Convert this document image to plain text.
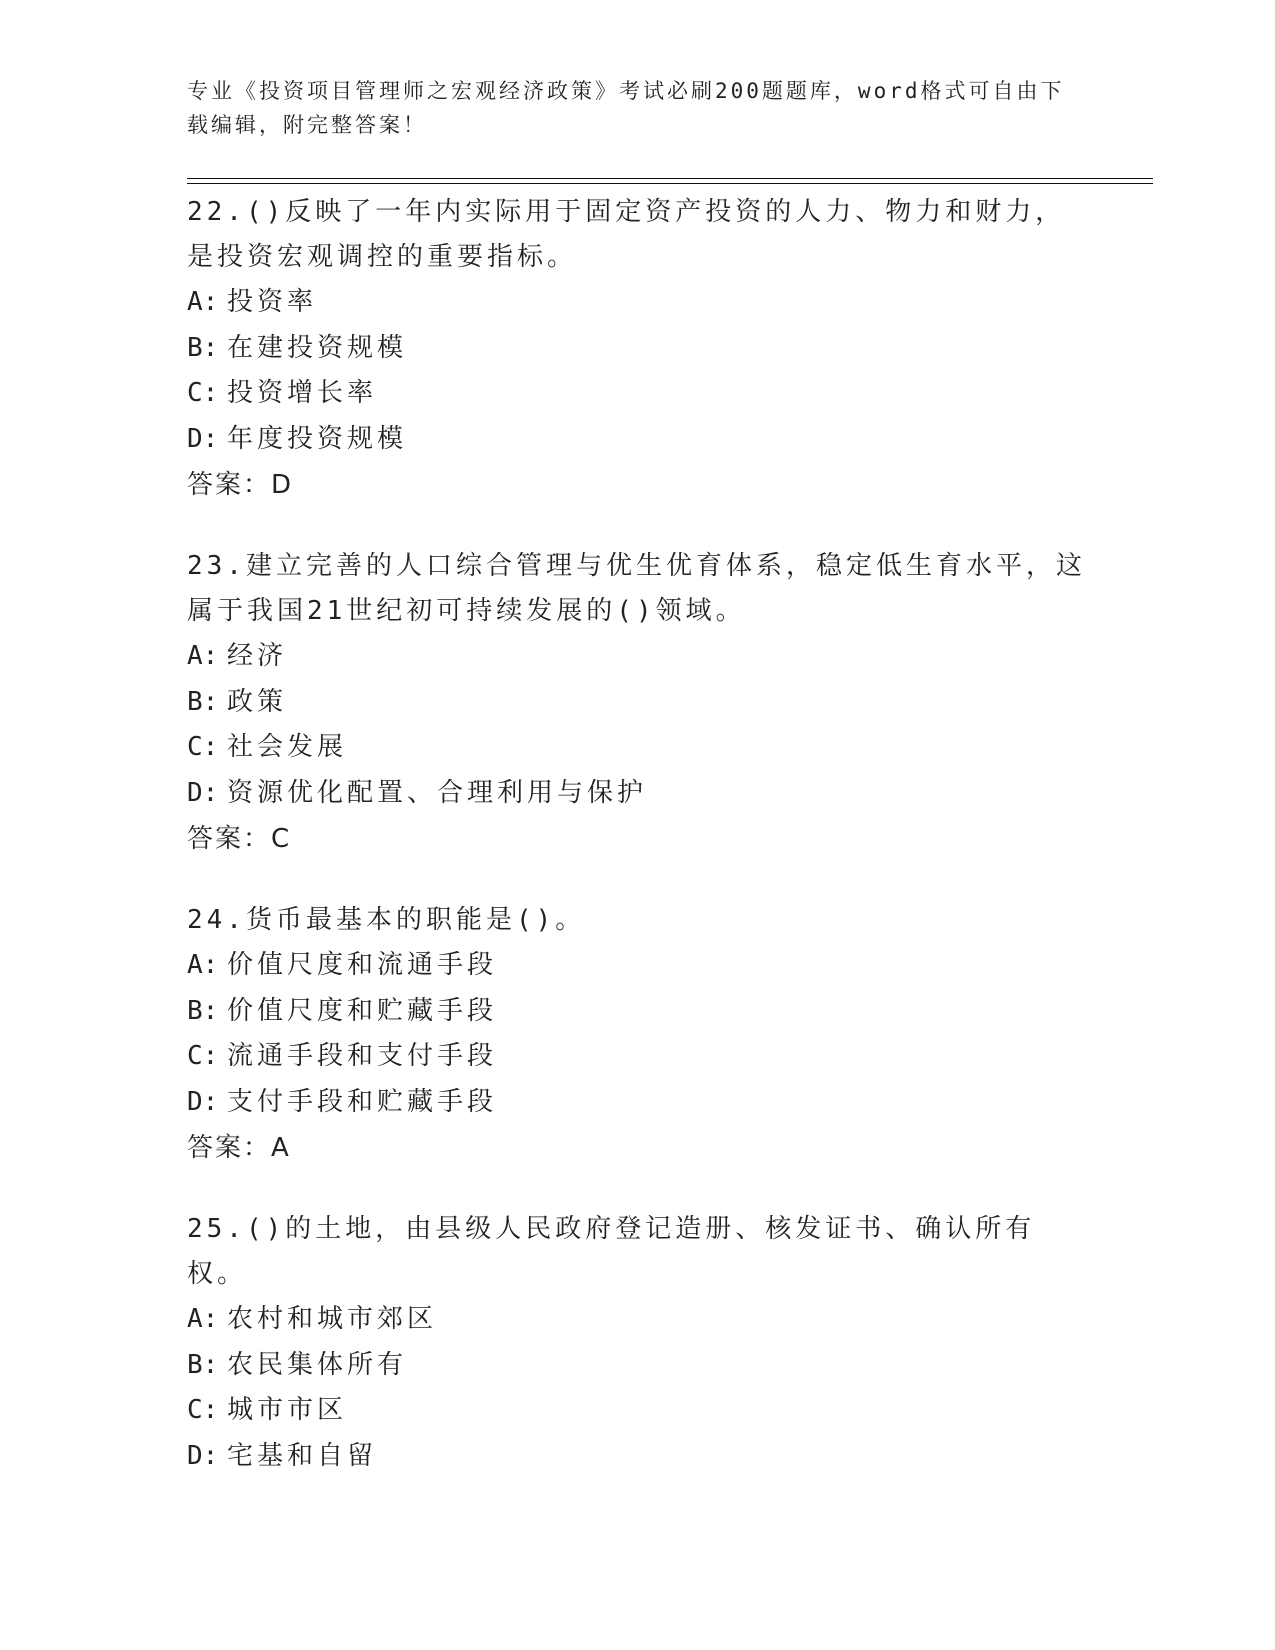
专业《投资项目管理师之宏观经济政策》考试必刷200题题库，word格式可自由下载编辑，附完整答案！

22.()反映了一年内实际用于固定资产投资的人力、物力和财力，是投资宏观调控的重要指标。

A: 投资率

B: 在建投资规模

C: 投资增长率

D: 年度投资规模

答案：D

23.建立完善的人口综合管理与优生优育体系，稳定低生育水平，这属于我国21世纪初可持续发展的()领域。

A: 经济

B: 政策

C: 社会发展

D: 资源优化配置、合理利用与保护

答案：C

24.货币最基本的职能是()。

A: 价值尺度和流通手段

B: 价值尺度和贮藏手段

C: 流通手段和支付手段

D: 支付手段和贮藏手段

答案：A

25.()的土地，由县级人民政府登记造册、核发证书、确认所有权。

A: 农村和城市郊区

B: 农民集体所有

C: 城市市区

D: 宅基和自留
